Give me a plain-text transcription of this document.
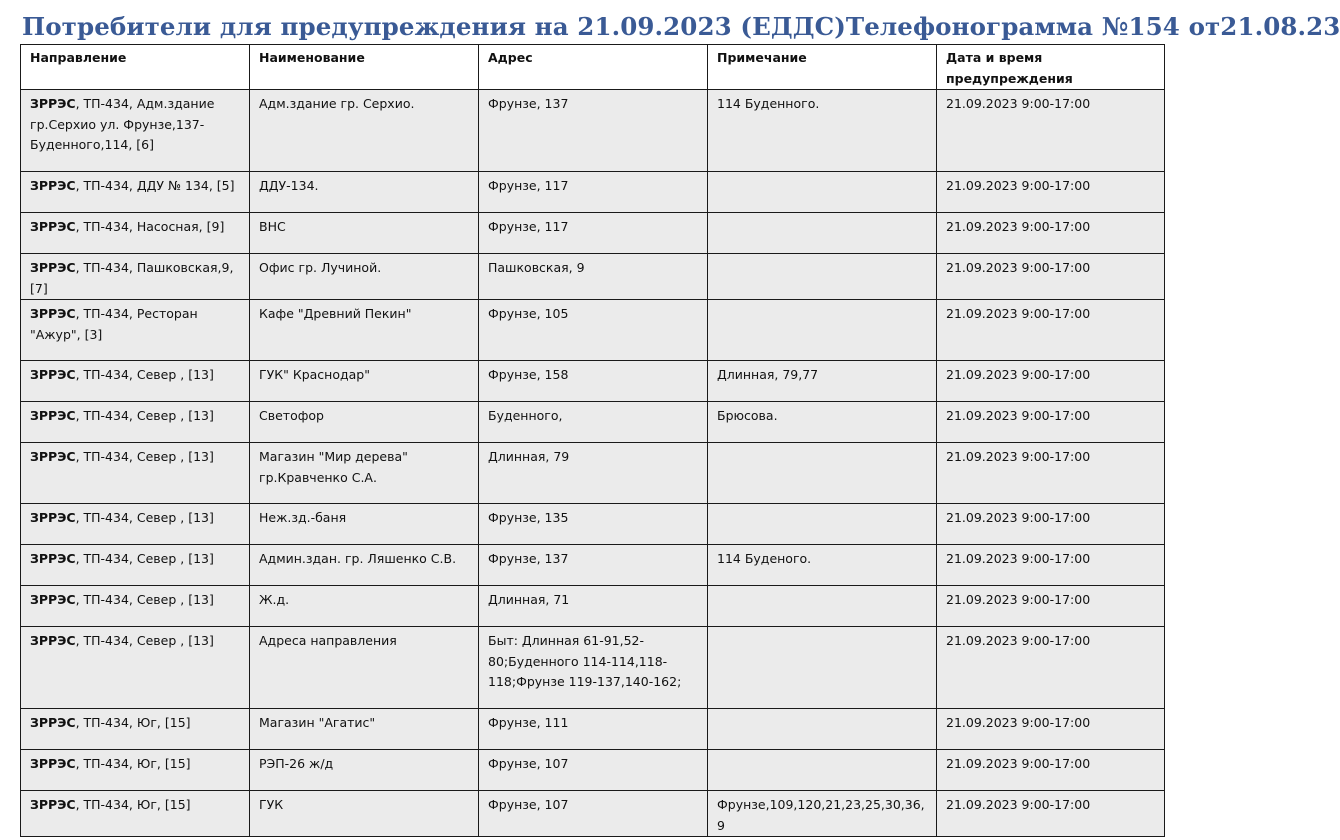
Потребители для предупреждения на 21.09.2023 (ЕДДС)Телефонограмма №154 от21.08.23
Направление	Наименование	Адрес	Примечание	Дата и время предупреждения
ЗРРЭС, ТП-434, Адм.здание гр.Серхио ул. Фрунзе,137-Буденного,114, [6]	Адм.здание гр. Серхио.	Фрунзе, 137	114 Буденного.	21.09.2023 9:00-17:00
ЗРРЭС, ТП-434, ДДУ № 134, [5]	ДДУ-134.	Фрунзе, 117		21.09.2023 9:00-17:00
ЗРРЭС, ТП-434, Насосная, [9]	ВНС	Фрунзе, 117		21.09.2023 9:00-17:00
ЗРРЭС, ТП-434, Пашковская,9, [7]	Офис гр. Лучиной.	Пашковская, 9		21.09.2023 9:00-17:00
ЗРРЭС, ТП-434, Ресторан "Ажур", [3]	Кафе "Древний Пекин"	Фрунзе, 105		21.09.2023 9:00-17:00
ЗРРЭС, ТП-434, Север , [13]	ГУК" Краснодар"	Фрунзе, 158	Длинная, 79,77	21.09.2023 9:00-17:00
ЗРРЭС, ТП-434, Север , [13]	Светофор	Буденного,	Брюсова.	21.09.2023 9:00-17:00
ЗРРЭС, ТП-434, Север , [13]	Магазин "Мир дерева" гр.Кравченко С.А.	Длинная, 79		21.09.2023 9:00-17:00
ЗРРЭС, ТП-434, Север , [13]	Неж.зд.-баня	Фрунзе, 135		21.09.2023 9:00-17:00
ЗРРЭС, ТП-434, Север , [13]	Админ.здан. гр. Ляшенко С.В.	Фрунзе, 137	114 Буденого.	21.09.2023 9:00-17:00
ЗРРЭС, ТП-434, Север , [13]	Ж.д.	Длинная, 71		21.09.2023 9:00-17:00
ЗРРЭС, ТП-434, Север , [13]	Адреса направления	Быт: Длинная 61-91,52-80;Буденного 114-114,118-118;Фрунзе 119-137,140-162;		21.09.2023 9:00-17:00
ЗРРЭС, ТП-434, Юг, [15]	Магазин "Агатис"	Фрунзе, 111		21.09.2023 9:00-17:00
ЗРРЭС, ТП-434, Юг, [15]	РЭП-26 ж/д	Фрунзе, 107		21.09.2023 9:00-17:00
ЗРРЭС, ТП-434, Юг, [15]	ГУК	Фрунзе, 107	Фрунзе,109,120,21,23,25,30,36,9	21.09.2023 9:00-17:00
